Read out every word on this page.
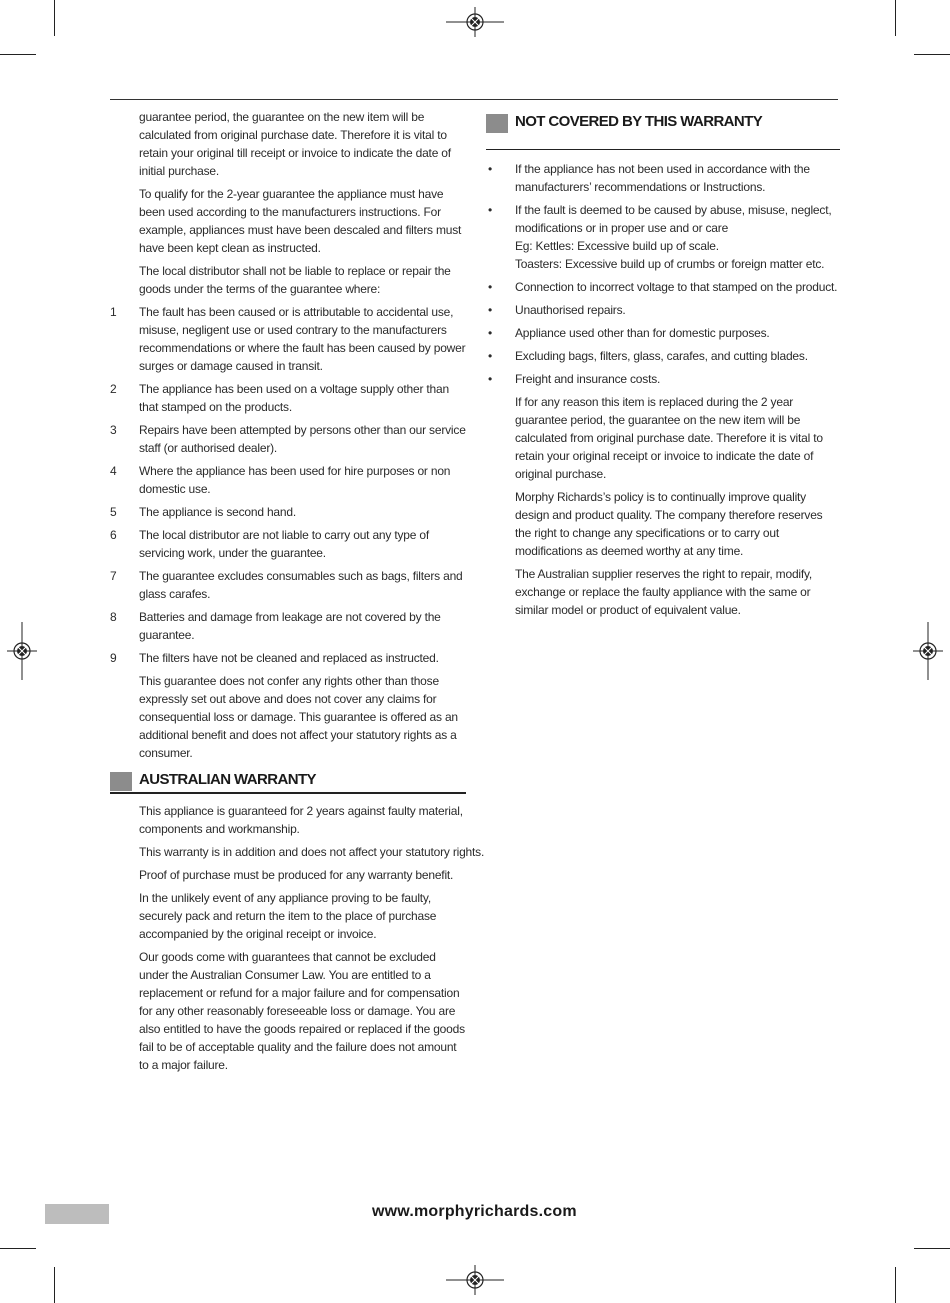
guarantee period, the guarantee on the new item will be calculated from original purchase date. Therefore it is vital to retain your original till receipt or invoice to indicate the date of initial purchase.

To qualify for the 2-year guarantee the appliance must have been used according to the manufacturers instructions. For example, appliances must have been descaled and filters must have been kept clean as instructed.

The local distributor shall not be liable to replace or repair the goods under the terms of the guarantee where:

1	The fault has been caused or is attributable to accidental use, misuse, negligent use or used contrary to the manufacturers recommendations or where the fault has been caused by power surges or damage caused in transit.
2	The appliance has been used on a voltage supply other than that stamped on the products.
3	Repairs have been attempted by persons other than our service staff (or authorised dealer).
4	Where the appliance has been used for hire purposes or non domestic use.
5	The appliance is second hand.
6	The local distributor are not liable to carry out any type of servicing work, under the guarantee.
7	The guarantee excludes consumables such as bags, filters and glass carafes.
8	Batteries and damage from leakage are not covered by the guarantee.
9	The filters have not be cleaned and replaced as instructed.

This guarantee does not confer any rights other than those expressly set out above and does not cover any claims for consequential loss or damage. This guarantee is offered as an additional benefit and does not affect your statutory rights as a consumer.

AUSTRALIAN WARRANTY

This appliance is guaranteed for 2 years against faulty material, components and workmanship.

This warranty is in addition and does not affect your statutory rights.

Proof of purchase must be produced for any warranty benefit.

In the unlikely event of any appliance proving to be faulty, securely pack and return the item to the place of purchase accompanied by the original receipt or invoice.

Our goods come with guarantees that cannot be excluded under the Australian Consumer Law. You are entitled to a replacement or refund for a major failure and for compensation for any other reasonably foreseeable loss or damage. You are also entitled to have the goods repaired or replaced if the goods fail to be of acceptable quality and the failure does not amount to a major failure.

NOT COVERED BY THIS WARRANTY
•	If the appliance has not been used in accordance with the manufacturers’ recommendations or Instructions.
•	If the fault is deemed to be caused by abuse, misuse, neglect, modifications or in proper use and or care
Eg: Kettles: Excessive build up of scale.
Toasters: Excessive build up of crumbs or foreign matter etc.
•	Connection to incorrect voltage to that stamped on the product.
•	Unauthorised repairs.
•	Appliance used other than for domestic purposes.
•	Excluding bags, filters, glass, carafes, and cutting blades.
•	Freight and insurance costs.

If for any reason this item is replaced during the 2 year guarantee period, the guarantee on the new item will be calculated from original purchase date. Therefore it is vital to retain your original receipt or invoice to indicate the date of original purchase.

Morphy Richards’s policy is to continually improve quality design and product quality. The company therefore reserves the right to change any specifications or to carry out modifications as deemed worthy at any time.

The Australian supplier reserves the right to repair, modify, exchange or replace the faulty appliance with the same or similar model or product of equivalent value.

www.morphyrichards.com
